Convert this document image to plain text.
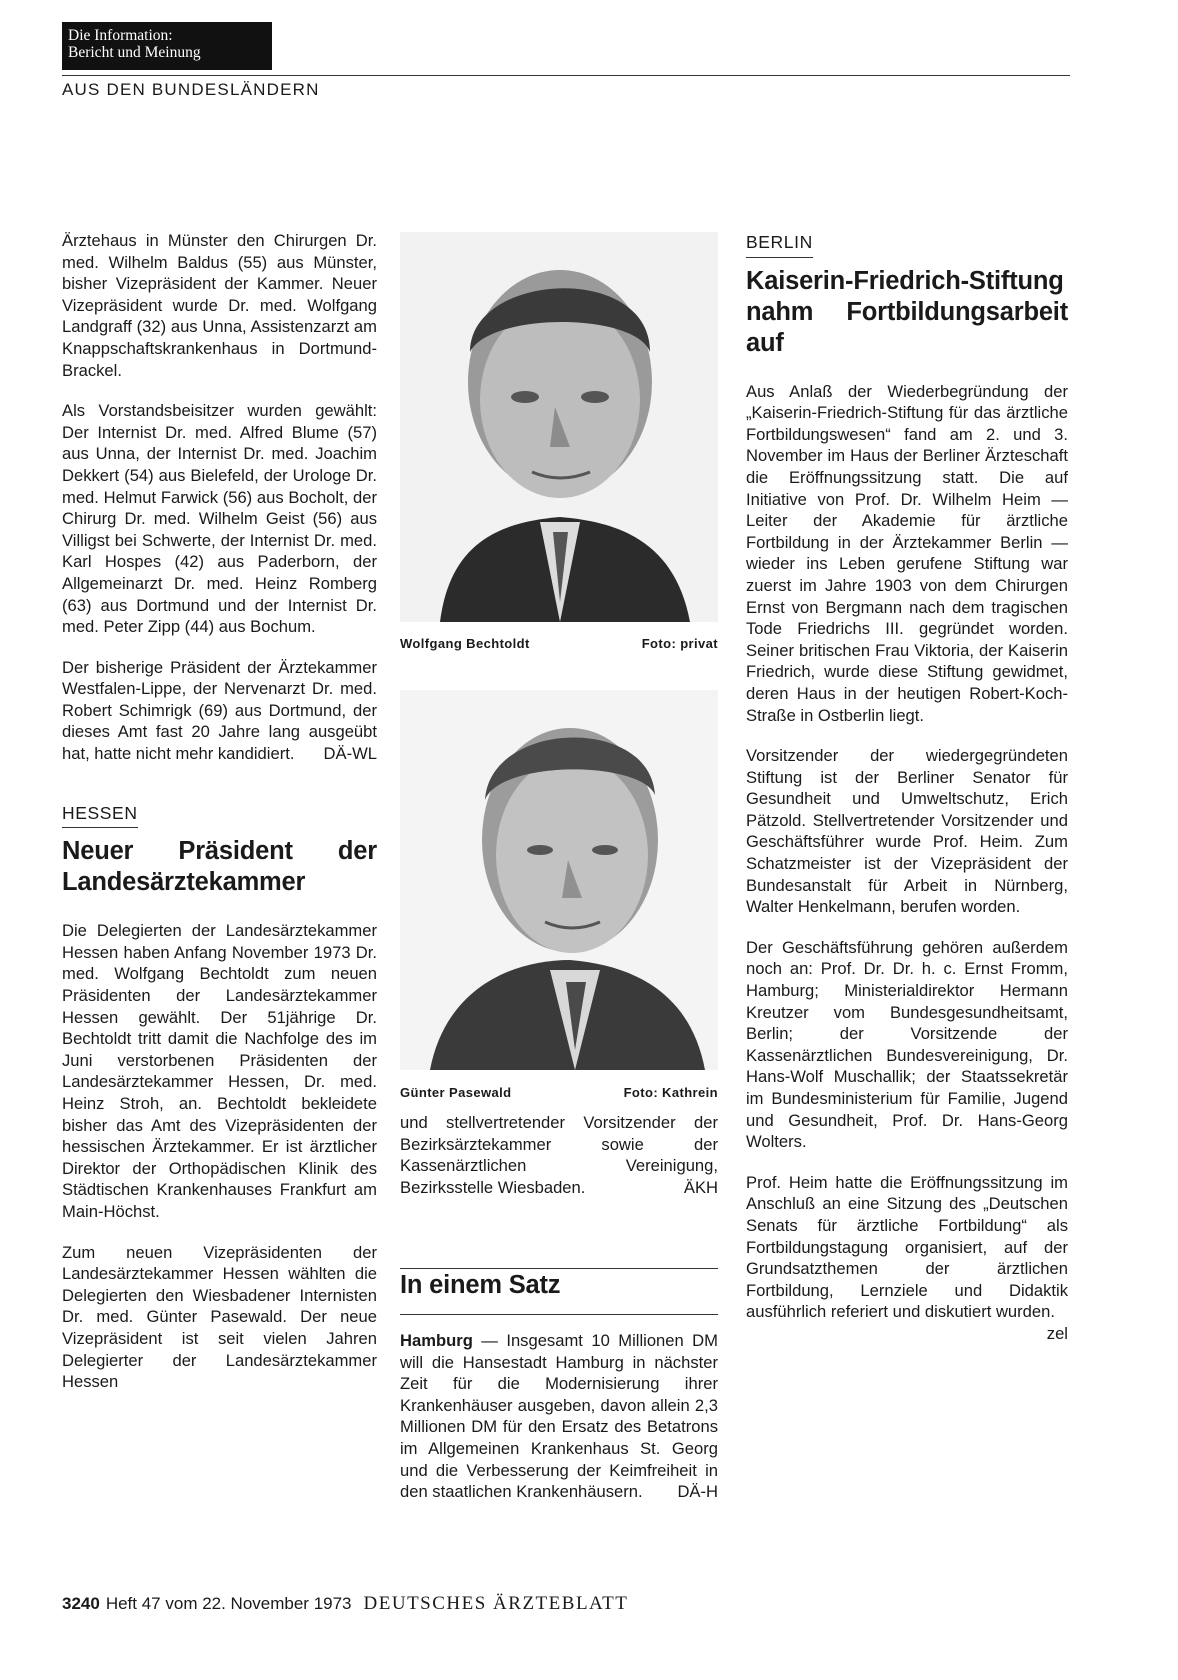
Die Information:
Bericht und Meinung
AUS DEN BUNDESLÄNDERN

Ärztehaus in Münster den Chirurgen Dr. med. Wilhelm Baldus (55) aus Münster, bisher Vizepräsident der Kammer. Neuer Vizepräsident wurde Dr. med. Wolfgang Landgraff (32) aus Unna, Assistenzarzt am Knappschaftskrankenhaus in Dortmund-Brackel.

Als Vorstandsbeisitzer wurden gewählt: Der Internist Dr. med. Alfred Blume (57) aus Unna, der Internist Dr. med. Joachim Dekkert (54) aus Bielefeld, der Urologe Dr. med. Helmut Farwick (56) aus Bocholt, der Chirurg Dr. med. Wilhelm Geist (56) aus Villigst bei Schwerte, der Internist Dr. med. Karl Hospes (42) aus Paderborn, der Allgemeinarzt Dr. med. Heinz Romberg (63) aus Dortmund und der Internist Dr. med. Peter Zipp (44) aus Bochum.

Der bisherige Präsident der Ärztekammer Westfalen-Lippe, der Nervenarzt Dr. med. Robert Schimrigk (69) aus Dortmund, der dieses Amt fast 20 Jahre lang ausgeübt hat, hatte nicht mehr kandidiert. DÄ-WL

HESSEN
Neuer Präsident der Landesärztekammer

Die Delegierten der Landesärztekammer Hessen haben Anfang November 1973 Dr. med. Wolfgang Bechtoldt zum neuen Präsidenten der Landesärztekammer Hessen gewählt. Der 51jährige Dr. Bechtoldt tritt damit die Nachfolge des im Juni verstorbenen Präsidenten der Landesärztekammer Hessen, Dr. med. Heinz Stroh, an. Bechtoldt bekleidete bisher das Amt des Vizepräsidenten der hessischen Ärztekammer. Er ist ärztlicher Direktor der Orthopädischen Klinik des Städtischen Krankenhauses Frankfurt am Main-Höchst.

Zum neuen Vizepräsidenten der Landesärztekammer Hessen wählten die Delegierten den Wiesbadener Internisten Dr. med. Günter Pasewald. Der neue Vizepräsident ist seit vielen Jahren Delegierter der Landesärztekammer Hessen

Wolfgang Bechtoldt	Foto: privat
Günter Pasewald	Foto: Kathrein

und stellvertretender Vorsitzender der Bezirksärztekammer sowie der Kassenärztlichen Vereinigung, Bezirksstelle Wiesbaden.	ÄKH

In einem Satz

Hamburg — Insgesamt 10 Millionen DM will die Hansestadt Hamburg in nächster Zeit für die Modernisierung ihrer Krankenhäuser ausgeben, davon allein 2,3 Millionen DM für den Ersatz des Betatrons im Allgemeinen Krankenhaus St. Georg und die Verbesserung der Keimfreiheit in den staatlichen Krankenhäusern. DÄ-H

BERLIN
Kaiserin-Friedrich-Stiftung nahm Fortbildungsarbeit auf

Aus Anlaß der Wiederbegründung der „Kaiserin-Friedrich-Stiftung für das ärztliche Fortbildungswesen“ fand am 2. und 3. November im Haus der Berliner Ärzteschaft die Eröffnungssitzung statt. Die auf Initiative von Prof. Dr. Wilhelm Heim — Leiter der Akademie für ärztliche Fortbildung in der Ärztekammer Berlin — wieder ins Leben gerufene Stiftung war zuerst im Jahre 1903 von dem Chirurgen Ernst von Bergmann nach dem tragischen Tode Friedrichs III. gegründet worden. Seiner britischen Frau Viktoria, der Kaiserin Friedrich, wurde diese Stiftung gewidmet, deren Haus in der heutigen Robert-Koch-Straße in Ostberlin liegt.

Vorsitzender der wiedergegründeten Stiftung ist der Berliner Senator für Gesundheit und Umweltschutz, Erich Pätzold. Stellvertretender Vorsitzender und Geschäftsführer wurde Prof. Heim. Zum Schatzmeister ist der Vizepräsident der Bundesanstalt für Arbeit in Nürnberg, Walter Henkelmann, berufen worden.

Der Geschäftsführung gehören außerdem noch an: Prof. Dr. Dr. h. c. Ernst Fromm, Hamburg; Ministerialdirektor Hermann Kreutzer vom Bundesgesundheitsamt, Berlin; der Vorsitzende der Kassenärztlichen Bundesvereinigung, Dr. Hans-Wolf Muschallik; der Staatssekretär im Bundesministerium für Familie, Jugend und Gesundheit, Prof. Dr. Hans-Georg Wolters.

Prof. Heim hatte die Eröffnungssitzung im Anschluß an eine Sitzung des „Deutschen Senats für ärztliche Fortbildung“ als Fortbildungstagung organisiert, auf der Grundsatzthemen der ärztlichen Fortbildung, Lernziele und Didaktik ausführlich referiert und diskutiert wurden.
zel

3240 Heft 47 vom 22. November 1973 DEUTSCHES ÄRZTEBLATT
